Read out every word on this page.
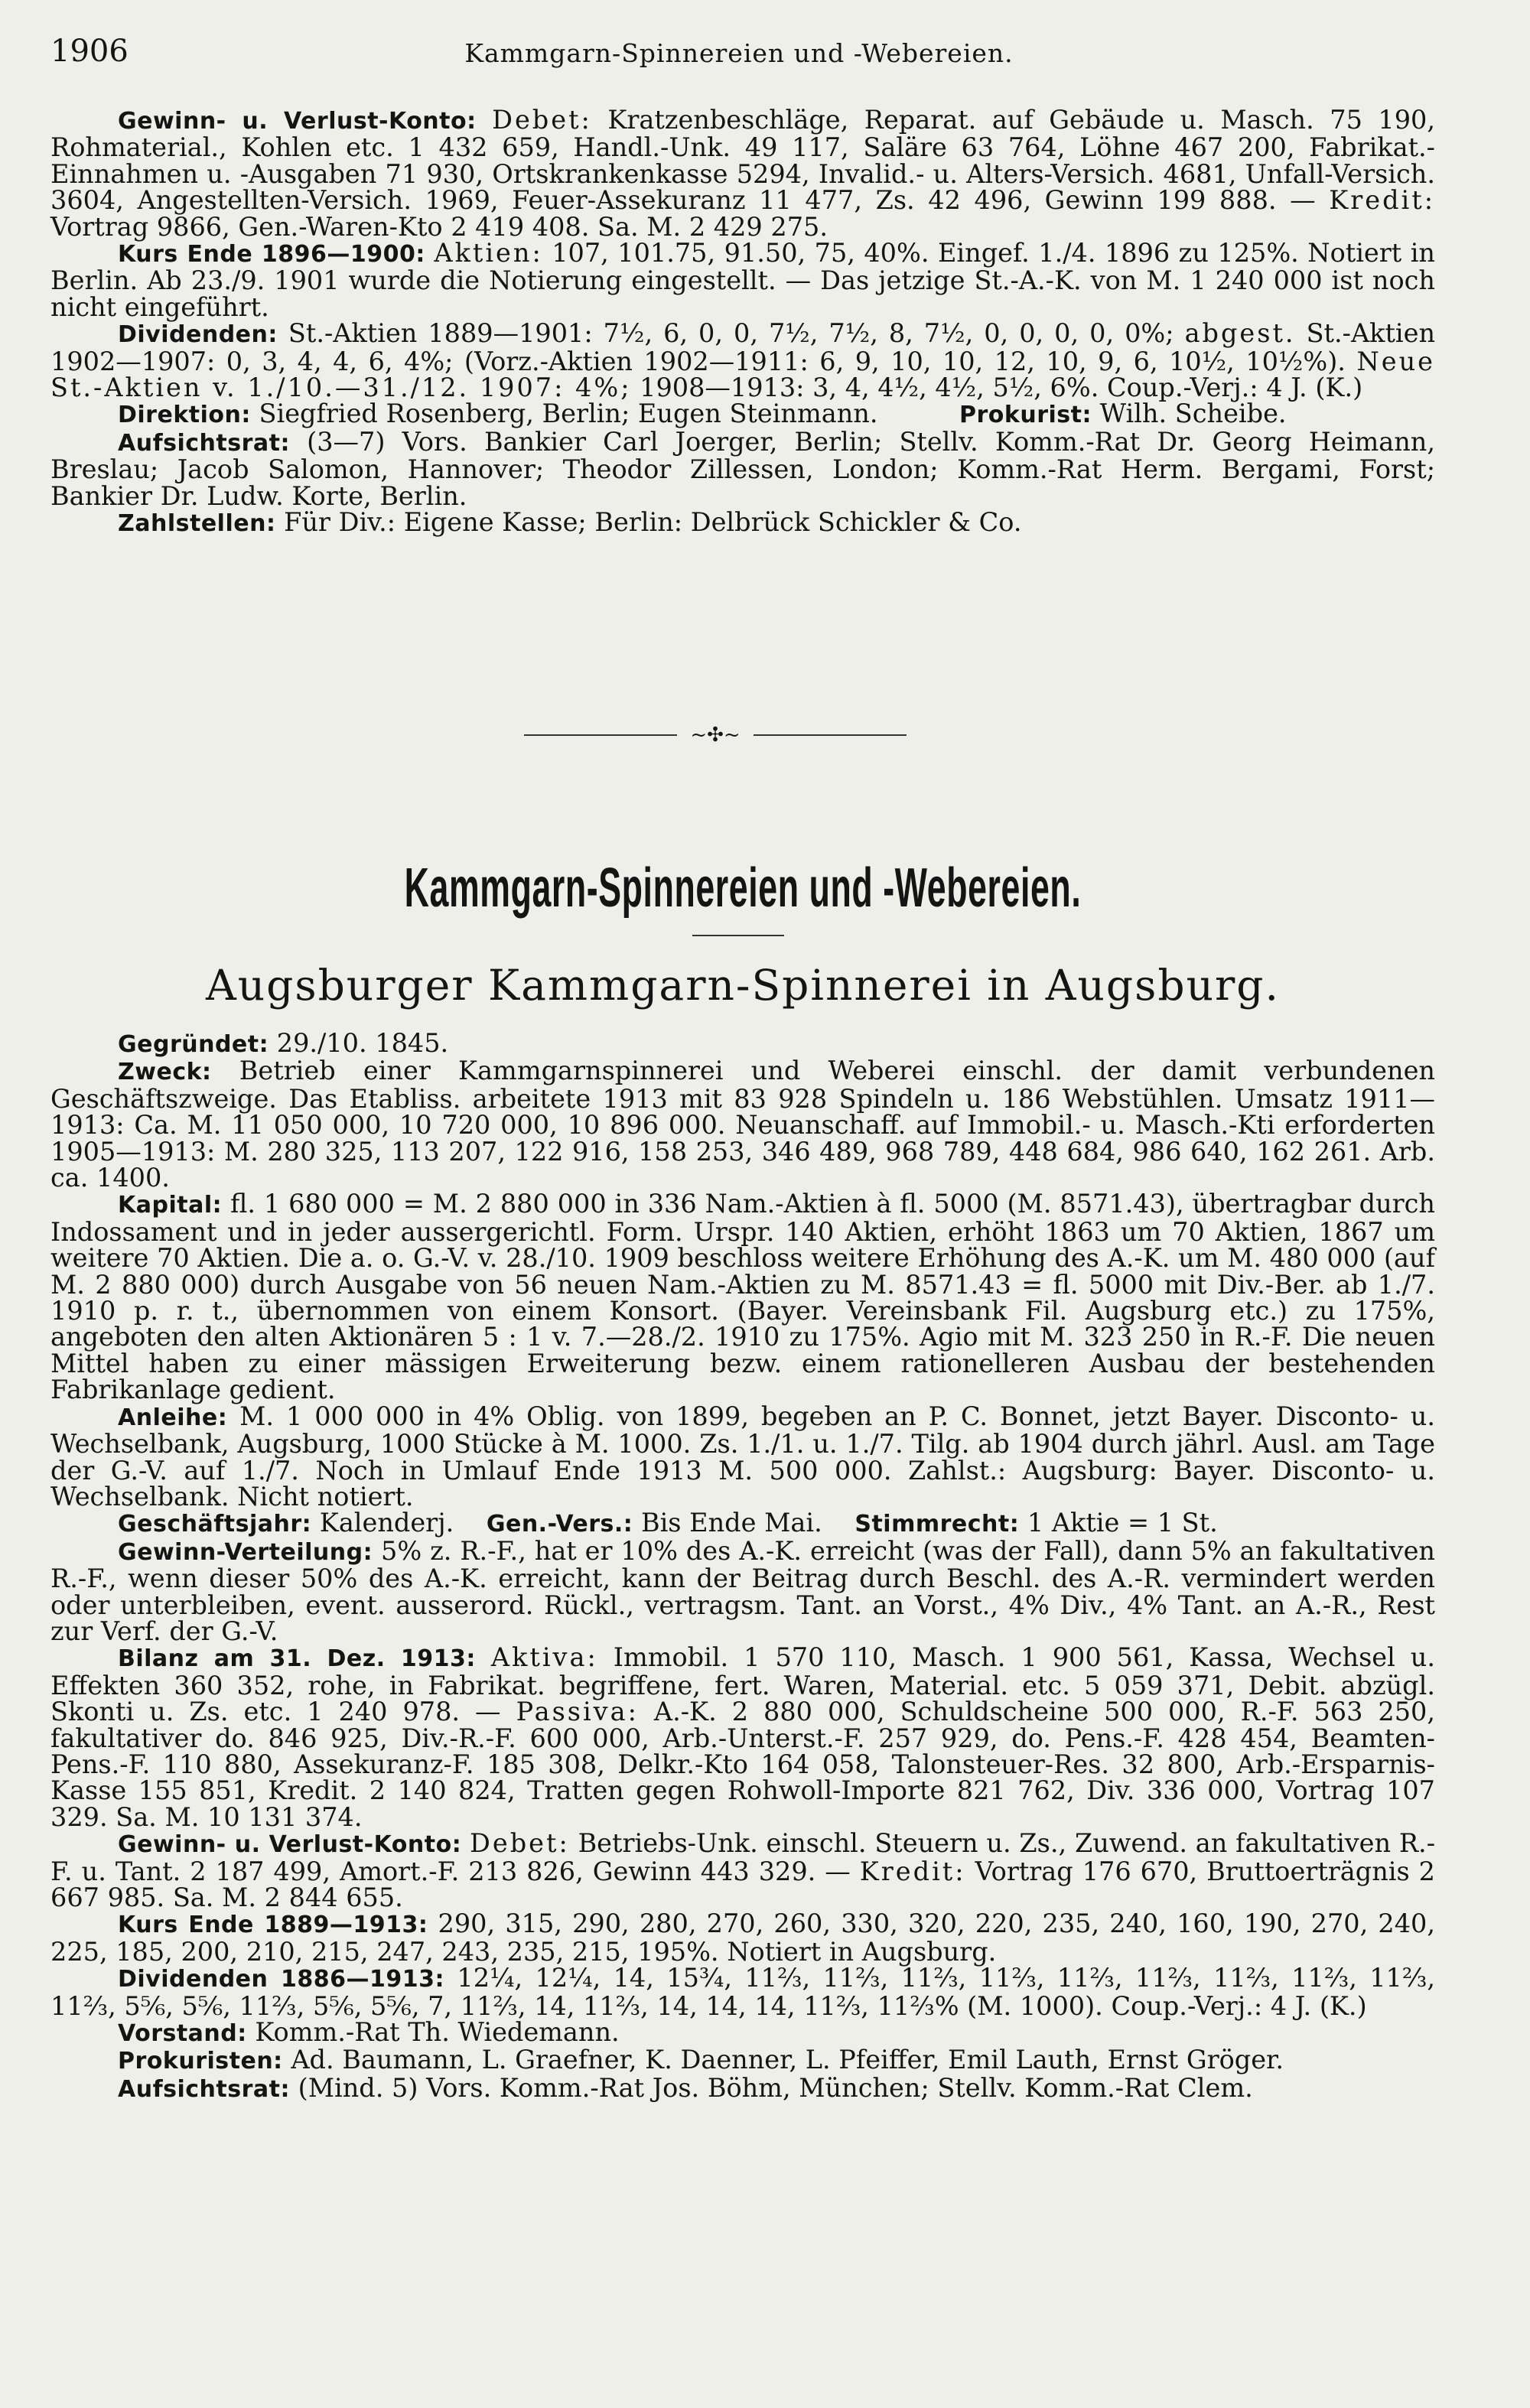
1906	Kammgarn-Spinnereien und -Webereien.

Gewinn- u. Verlust-Konto: Debet: Kratzenbeschläge, Reparat. auf Gebäude u. Masch. 75 190, Rohmaterial., Kohlen etc. 1 432 659, Handl.-Unk. 49 117, Saläre 63 764, Löhne 467 200, Fabrikat.-Einnahmen u. -Ausgaben 71 930, Ortskrankenkasse 5294, Invalid.- u. Alters-Versich. 4681, Unfall-Versich. 3604, Angestellten-Versich. 1969, Feuer-Assekuranz 11 477, Zs. 42 496, Gewinn 199 888. — Kredit: Vortrag 9866, Gen.-Waren-Kto 2 419 408. Sa. M. 2 429 275.

Kurs Ende 1896—1900: Aktien: 107, 101.75, 91.50, 75, 40%. Eingef. 1./4. 1896 zu 125%. Notiert in Berlin. Ab 23./9. 1901 wurde die Notierung eingestellt. — Das jetzige St.-A.-K. von M. 1 240 000 ist noch nicht eingeführt.

Dividenden: St.-Aktien 1889—1901: 7½, 6, 0, 0, 7½, 7½, 8, 7½, 0, 0, 0, 0, 0%; abgest. St.-Aktien 1902—1907: 0, 3, 4, 4, 6, 4%; (Vorz.-Aktien 1902—1911: 6, 9, 10, 10, 12, 10, 9, 6, 10½, 10½%). Neue St.-Aktien v. 1./10.—31./12. 1907: 4%; 1908—1913: 3, 4, 4½, 4½, 5½, 6%. Coup.-Verj.: 4 J. (K.)

Direktion: Siegfried Rosenberg, Berlin; Eugen Steinmann.	Prokurist: Wilh. Scheibe.

Aufsichtsrat: (3—7) Vors. Bankier Carl Joerger, Berlin; Stellv. Komm.-Rat Dr. Georg Heimann, Breslau; Jacob Salomon, Hannover; Theodor Zillessen, London; Komm.-Rat Herm. Bergami, Forst; Bankier Dr. Ludw. Korte, Berlin.

Zahlstellen: Für Div.: Eigene Kasse; Berlin: Delbrück Schickler & Co.

~✣~
Kammgarn-Spinnereien und -Webereien.
Augsburger Kammgarn-Spinnerei in Augsburg.

Gegründet: 29./10. 1845.

Zweck: Betrieb einer Kammgarnspinnerei und Weberei einschl. der damit verbundenen Geschäftszweige. Das Etabliss. arbeitete 1913 mit 83 928 Spindeln u. 186 Webstühlen. Umsatz 1911—1913: Ca. M. 11 050 000, 10 720 000, 10 896 000. Neuanschaff. auf Immobil.- u. Masch.-Kti erforderten 1905—1913: M. 280 325, 113 207, 122 916, 158 253, 346 489, 968 789, 448 684, 986 640, 162 261. Arb. ca. 1400.

Kapital: fl. 1 680 000 = M. 2 880 000 in 336 Nam.-Aktien à fl. 5000 (M. 8571.43), übertragbar durch Indossament und in jeder aussergerichtl. Form. Urspr. 140 Aktien, erhöht 1863 um 70 Aktien, 1867 um weitere 70 Aktien. Die a. o. G.-V. v. 28./10. 1909 beschloss weitere Erhöhung des A.-K. um M. 480 000 (auf M. 2 880 000) durch Ausgabe von 56 neuen Nam.-Aktien zu M. 8571.43 = fl. 5000 mit Div.-Ber. ab 1./7. 1910 p. r. t., übernommen von einem Konsort. (Bayer. Vereinsbank Fil. Augsburg etc.) zu 175%, angeboten den alten Aktionären 5 : 1 v. 7.—28./2. 1910 zu 175%. Agio mit M. 323 250 in R.-F. Die neuen Mittel haben zu einer mässigen Erweiterung bezw. einem rationelleren Ausbau der bestehenden Fabrikanlage gedient.

Anleihe: M. 1 000 000 in 4% Oblig. von 1899, begeben an P. C. Bonnet, jetzt Bayer. Disconto- u. Wechselbank, Augsburg, 1000 Stücke à M. 1000. Zs. 1./1. u. 1./7. Tilg. ab 1904 durch jährl. Ausl. am Tage der G.-V. auf 1./7. Noch in Umlauf Ende 1913 M. 500 000. Zahlst.: Augsburg: Bayer. Disconto- u. Wechselbank. Nicht notiert.

Geschäftsjahr: Kalenderj. Gen.-Vers.: Bis Ende Mai. Stimmrecht: 1 Aktie = 1 St.

Gewinn-Verteilung: 5% z. R.-F., hat er 10% des A.-K. erreicht (was der Fall), dann 5% an fakultativen R.-F., wenn dieser 50% des A.-K. erreicht, kann der Beitrag durch Beschl. des A.-R. vermindert werden oder unterbleiben, event. ausserord. Rückl., vertragsm. Tant. an Vorst., 4% Div., 4% Tant. an A.-R., Rest zur Verf. der G.-V.

Bilanz am 31. Dez. 1913: Aktiva: Immobil. 1 570 110, Masch. 1 900 561, Kassa, Wechsel u. Effekten 360 352, rohe, in Fabrikat. begriffene, fert. Waren, Material. etc. 5 059 371, Debit. abzügl. Skonti u. Zs. etc. 1 240 978. — Passiva: A.-K. 2 880 000, Schuldscheine 500 000, R.-F. 563 250, fakultativer do. 846 925, Div.-R.-F. 600 000, Arb.-Unterst.-F. 257 929, do. Pens.-F. 428 454, Beamten-Pens.-F. 110 880, Assekuranz-F. 185 308, Delkr.-Kto 164 058, Talonsteuer-Res. 32 800, Arb.-Ersparnis-Kasse 155 851, Kredit. 2 140 824, Tratten gegen Rohwoll-Importe 821 762, Div. 336 000, Vortrag 107 329. Sa. M. 10 131 374.

Gewinn- u. Verlust-Konto: Debet: Betriebs-Unk. einschl. Steuern u. Zs., Zuwend. an fakultativen R.-F. u. Tant. 2 187 499, Amort.-F. 213 826, Gewinn 443 329. — Kredit: Vortrag 176 670, Bruttoerträgnis 2 667 985. Sa. M. 2 844 655.

Kurs Ende 1889—1913: 290, 315, 290, 280, 270, 260, 330, 320, 220, 235, 240, 160, 190, 270, 240, 225, 185, 200, 210, 215, 247, 243, 235, 215, 195%. Notiert in Augsburg.

Dividenden 1886—1913: 12¼, 12¼, 14, 15¾, 11⅔, 11⅔, 11⅔, 11⅔, 11⅔, 11⅔, 11⅔, 11⅔, 11⅔, 11⅔, 5⅚, 5⅚, 11⅔, 5⅚, 5⅚, 7, 11⅔, 14, 11⅔, 14, 14, 14, 11⅔, 11⅔% (M. 1000). Coup.-Verj.: 4 J. (K.)

Vorstand: Komm.-Rat Th. Wiedemann.

Prokuristen: Ad. Baumann, L. Graefner, K. Daenner, L. Pfeiffer, Emil Lauth, Ernst Gröger.

Aufsichtsrat: (Mind. 5) Vors. Komm.-Rat Jos. Böhm, München; Stellv. Komm.-Rat Clem.
